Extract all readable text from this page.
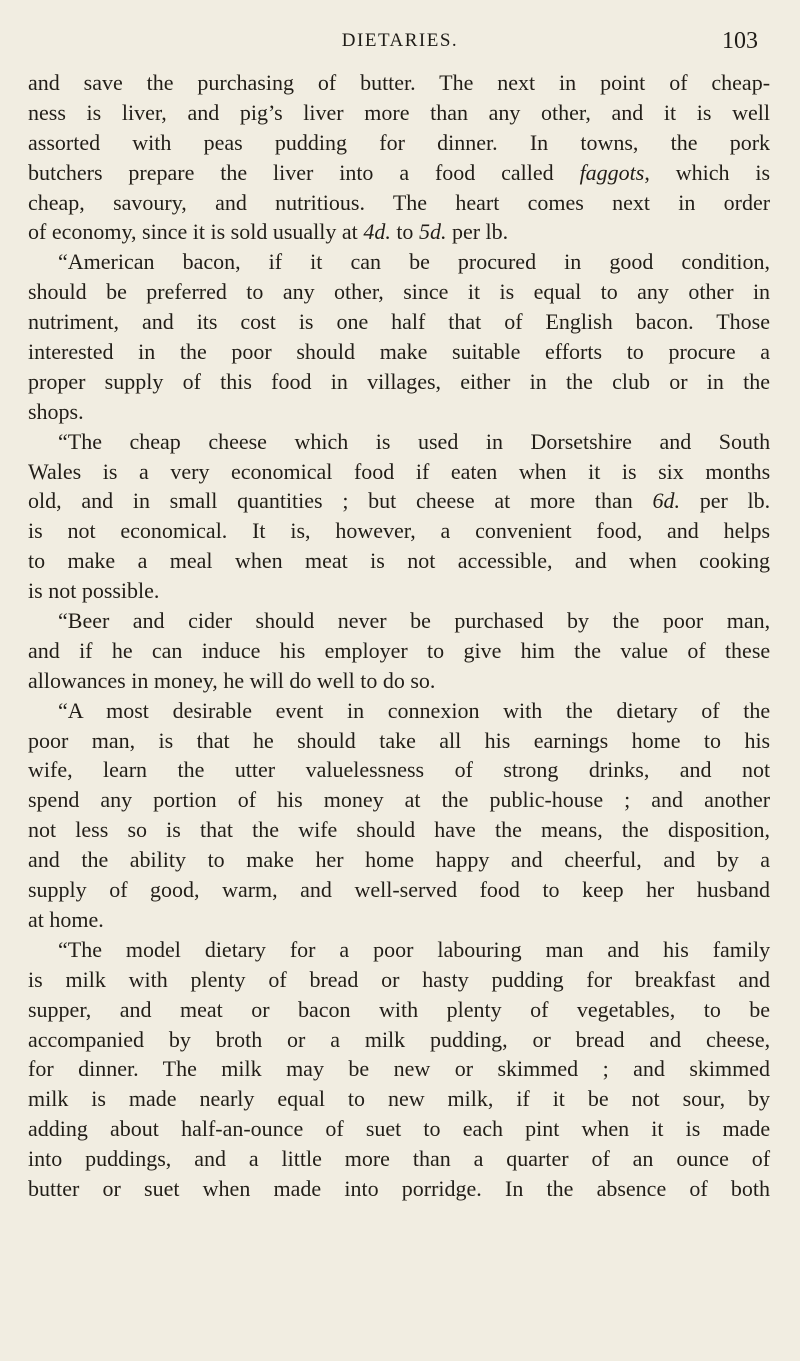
DIETARIES.	103
and save the purchasing of butter. The next in point of cheap-
ness is liver, and pig’s liver more than any other, and it is well
assorted with peas pudding for dinner. In towns, the pork
butchers prepare the liver into a food called faggots, which is
cheap, savoury, and nutritious. The heart comes next in order
of economy, since it is sold usually at 4d. to 5d. per lb.
“American bacon, if it can be procured in good condition,
should be preferred to any other, since it is equal to any other in
nutriment, and its cost is one half that of English bacon. Those
interested in the poor should make suitable efforts to procure a
proper supply of this food in villages, either in the club or in the
shops.
“The cheap cheese which is used in Dorsetshire and South
Wales is a very economical food if eaten when it is six months
old, and in small quantities ; but cheese at more than 6d. per lb.
is not economical. It is, however, a convenient food, and helps
to make a meal when meat is not accessible, and when cooking
is not possible.
“Beer and cider should never be purchased by the poor man,
and if he can induce his employer to give him the value of these
allowances in money, he will do well to do so.
“A most desirable event in connexion with the dietary of the
poor man, is that he should take all his earnings home to his
wife, learn the utter valuelessness of strong drinks, and not
spend any portion of his money at the public-house ; and another
not less so is that the wife should have the means, the disposition,
and the ability to make her home happy and cheerful, and by a
supply of good, warm, and well-served food to keep her husband
at home.
“The model dietary for a poor labouring man and his family
is milk with plenty of bread or hasty pudding for breakfast and
supper, and meat or bacon with plenty of vegetables, to be
accompanied by broth or a milk pudding, or bread and cheese,
for dinner. The milk may be new or skimmed ; and skimmed
milk is made nearly equal to new milk, if it be not sour, by
adding about half-an-ounce of suet to each pint when it is made
into puddings, and a little more than a quarter of an ounce of
butter or suet when made into porridge. In the absence of both
